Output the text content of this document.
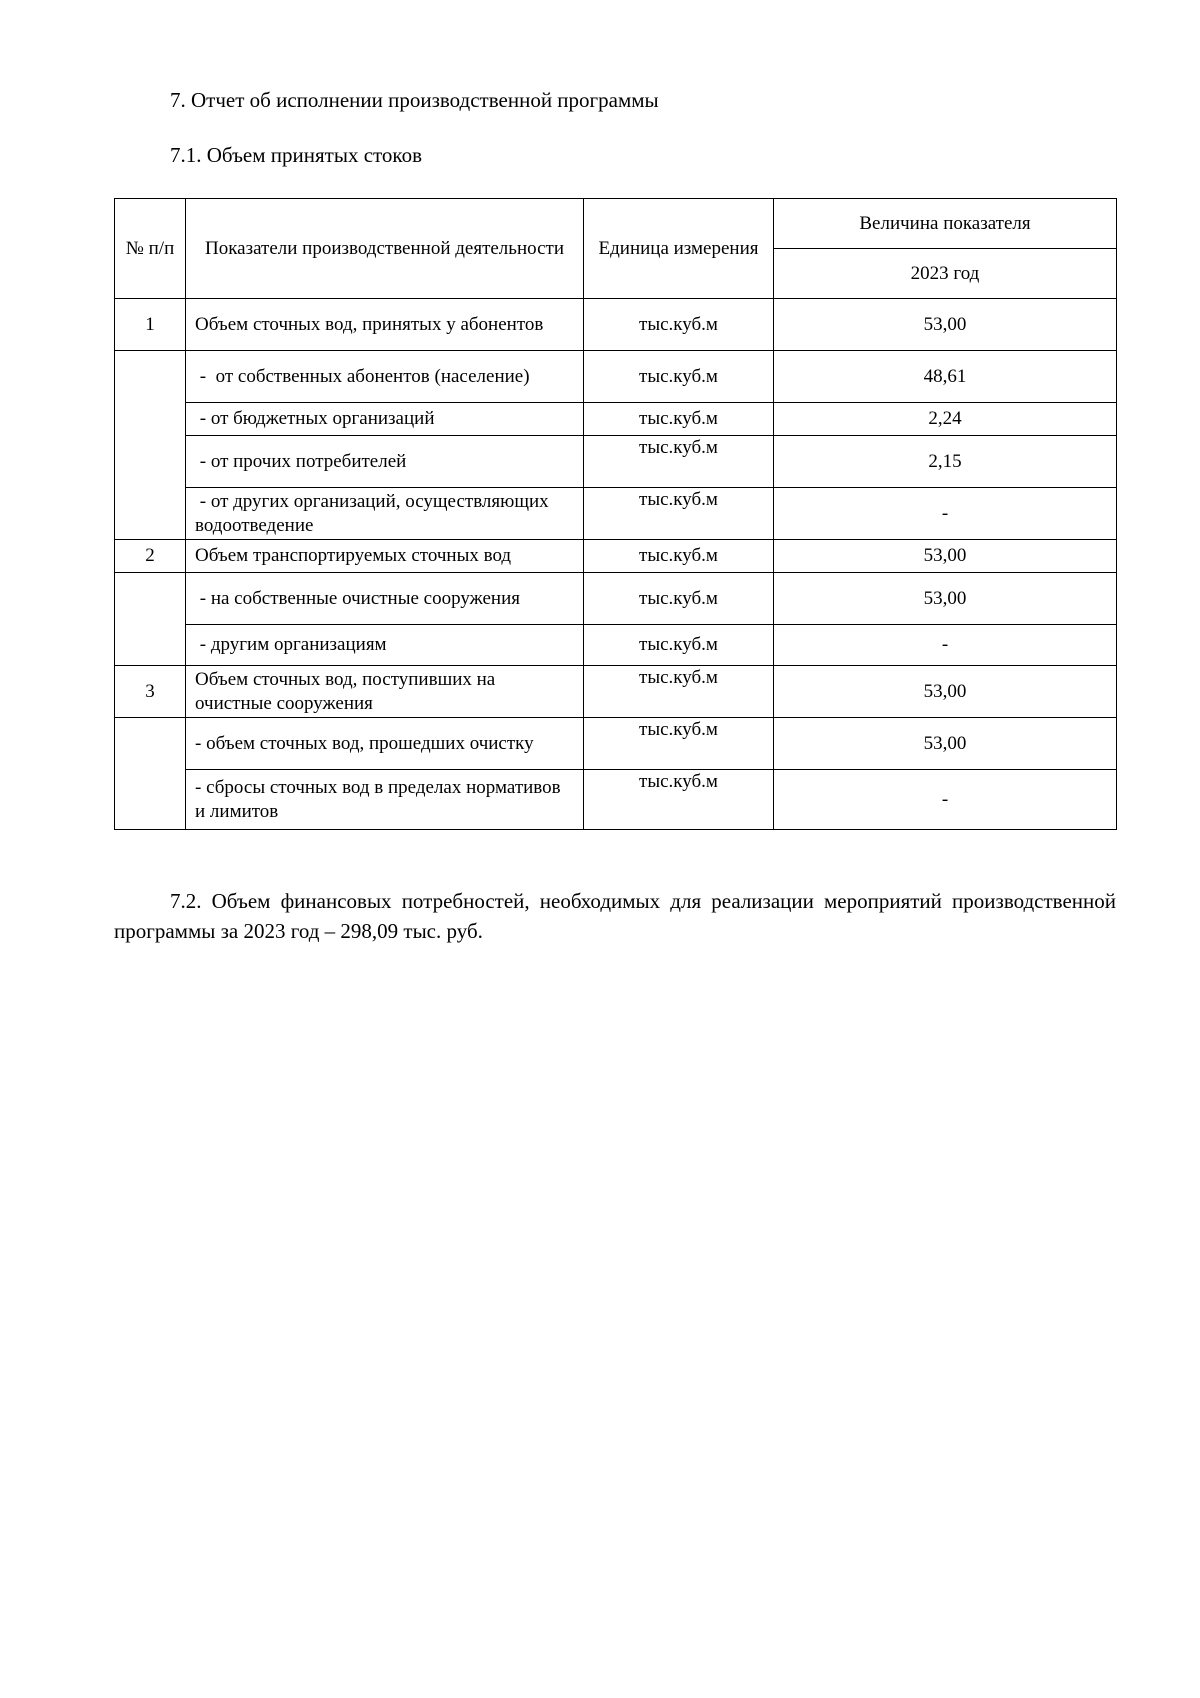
7. Отчет об исполнении производственной программы

7.1. Объем принятых стоков

№ п/п	Показатели производственной деятельности	Единица измерения	Величина показателя
			2023 год
1	Объем сточных вод, принятых у абонентов	тыс.куб.м	53,00
	-  от собственных абонентов (население)	тыс.куб.м	48,61
	- от бюджетных организаций	тыс.куб.м	2,24
	- от прочих потребителей	тыс.куб.м	2,15
	- от других организаций, осуществляющих водоотведение	тыс.куб.м	-
2	Объем транспортируемых сточных вод	тыс.куб.м	53,00
	- на собственные очистные сооружения	тыс.куб.м	53,00
	- другим организациям	тыс.куб.м	-
3	Объем сточных вод, поступивших на очистные сооружения	тыс.куб.м	53,00
	- объем сточных вод, прошедших очистку	тыс.куб.м	53,00
	- сбросы сточных вод в пределах нормативов и лимитов	тыс.куб.м	-

7.2. Объем финансовых потребностей, необходимых для реализации мероприятий производственной программы за 2023 год – 298,09 тыс. руб.
